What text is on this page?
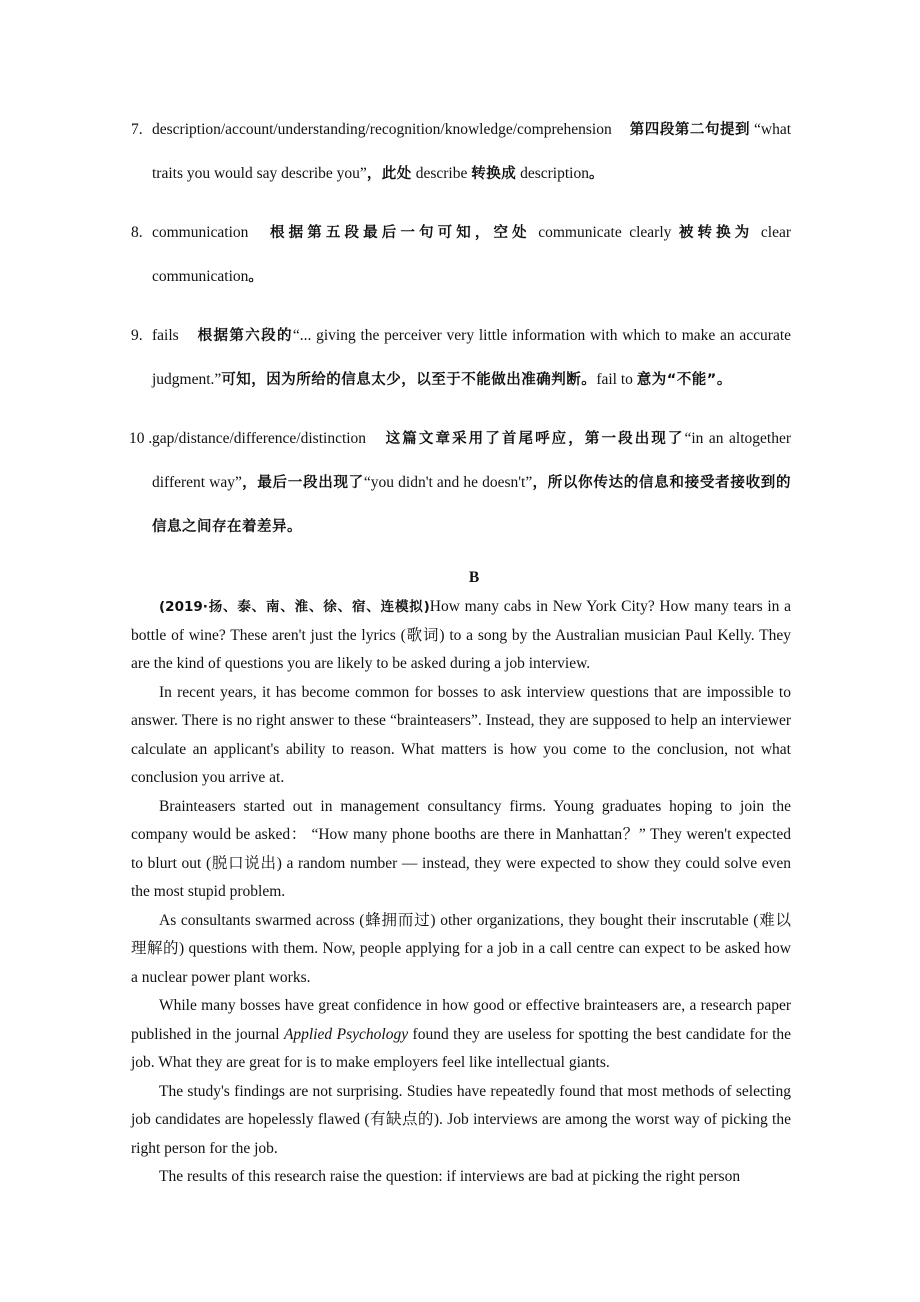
7. description/account/understanding/recognition/knowledge/comprehension 第四段第二句提到 “what traits you would say describe you”，此处 describe 转换成 description。
8. communication 根据第五段最后一句可知，空处 communicate clearly 被转换为 clear communication。
9. fails 根据第六段的“... giving the perceiver very little information with which to make an accurate judgment.”可知，因为所给的信息太少，以至于不能做出准确判断。fail to 意为“不能”。
10 . gap/distance/difference/distinction 这篇文章采用了首尾呼应，第一段出现了“in an altogether different way”，最后一段出现了“you didn't and he doesn't”，所以你传达的信息和接受者接收到的信息之间存在着差异。
B

(2019·扬、泰、南、淮、徐、宿、连模拟)How many cabs in New York City? How many tears in a bottle of wine? These aren't just the lyrics (歌词) to a song by the Australian musician Paul Kelly. They are the kind of questions you are likely to be asked during a job interview.

In recent years, it has become common for bosses to ask interview questions that are impossible to answer. There is no right answer to these “brainteasers”. Instead, they are supposed to help an interviewer calculate an applicant's ability to reason. What matters is how you come to the conclusion, not what conclusion you arrive at.

Brainteasers started out in management consultancy firms. Young graduates hoping to join the company would be asked： “How many phone booths are there in Manhattan？” They weren't expected to blurt out (脱口说出) a random number — instead, they were expected to show they could solve even the most stupid problem.

As consultants swarmed across (蜂拥而过) other organizations, they bought their inscrutable (难以理解的) questions with them. Now, people applying for a job in a call centre can expect to be asked how a nuclear power plant works.

While many bosses have great confidence in how good or effective brainteasers are, a research paper published in the journal Applied Psychology found they are useless for spotting the best candidate for the job. What they are great for is to make employers feel like intellectual giants.

The study's findings are not surprising. Studies have repeatedly found that most methods of selecting job candidates are hopelessly flawed (有缺点的). Job interviews are among the worst way of picking the right person for the job.

The results of this research raise the question: if interviews are bad at picking the right person
